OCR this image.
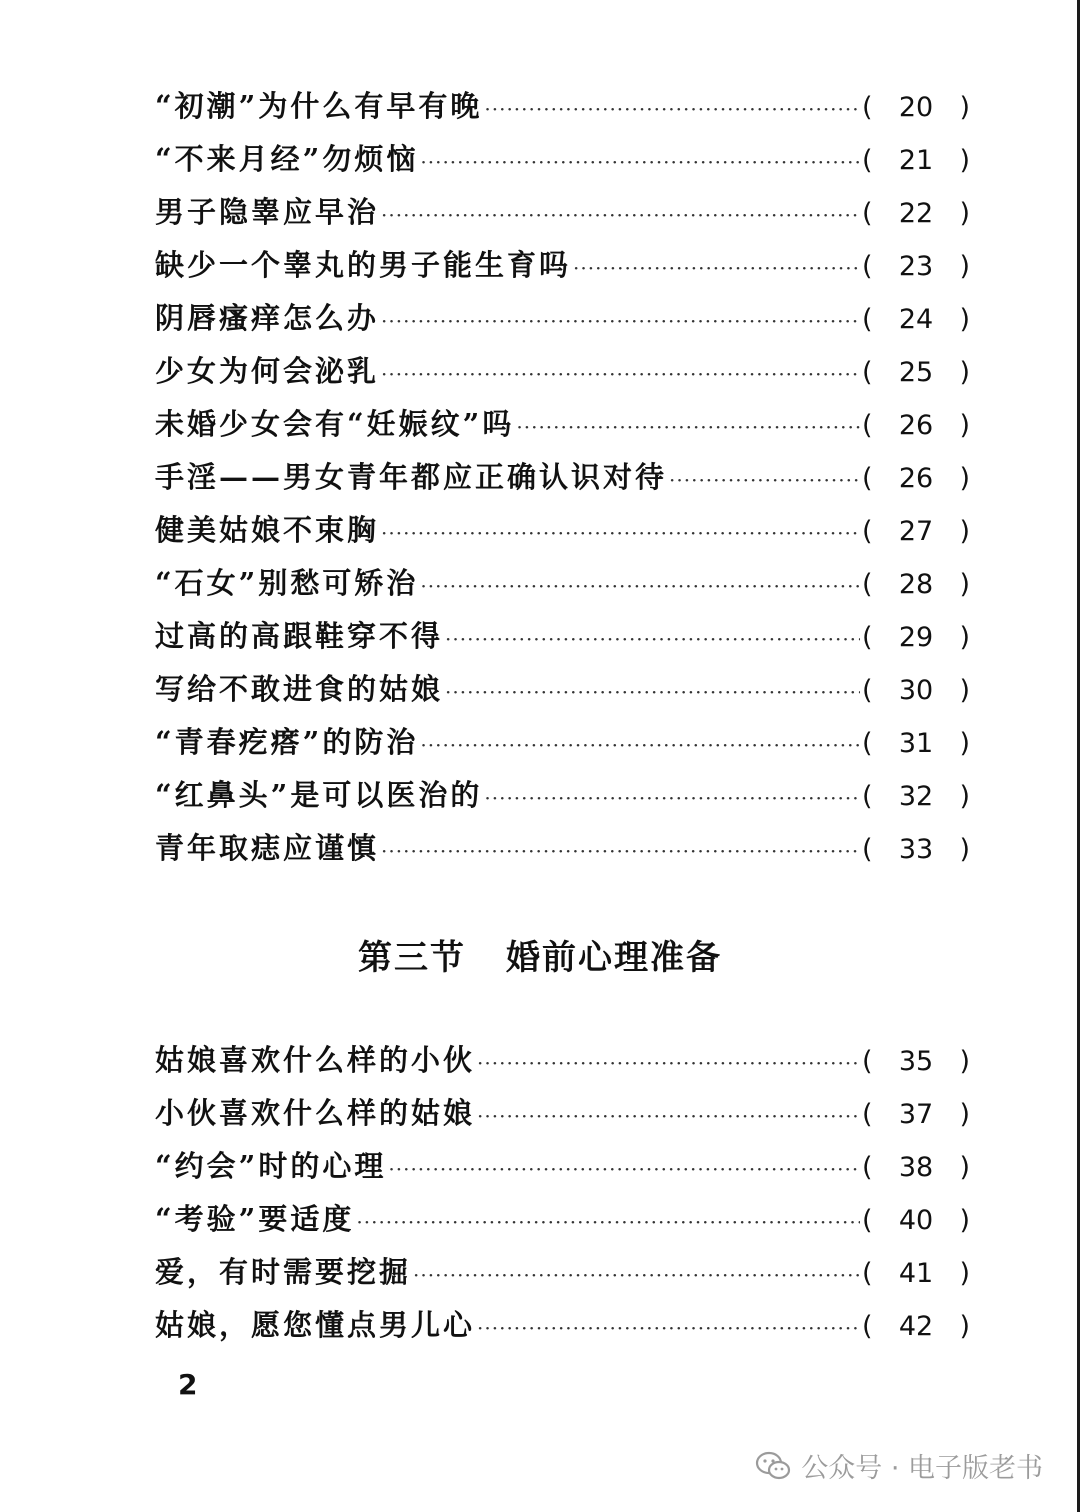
“初潮”为什么有早有晚 ·····	( 20 )
“不来月经”勿烦恼 ·····	( 21 )
男子隐睾应早治 ·····	( 22 )
缺少一个睾丸的男子能生育吗 ·····	( 23 )
阴唇瘙痒怎么办 ·····	( 24 )
少女为何会泌乳 ·····	( 25 )
未婚少女会有“妊娠纹”吗 ·····	( 26 )
手淫——男女青年都应正确认识对待 ·····	( 26 )
健美姑娘不束胸 ·····	( 27 )
“石女”别愁可矫治 ·····	( 28 )
过高的高跟鞋穿不得 ·····	( 29 )
写给不敢进食的姑娘 ·····	( 30 )
“青春疙瘩”的防治 ·····	( 31 )
“红鼻头”是可以医治的 ·····	( 32 )
青年取痣应谨慎 ·····	( 33 )
第三节 婚前心理准备
姑娘喜欢什么样的小伙 ·····	( 35 )
小伙喜欢什么样的姑娘 ·····	( 37 )
“约会”时的心理 ·····	( 38 )
“考验”要适度 ·····	( 40 )
爱，有时需要挖掘 ·····	( 41 )
姑娘，愿您懂点男儿心 ·····	( 42 )
2
公众号 · 电子版老书
